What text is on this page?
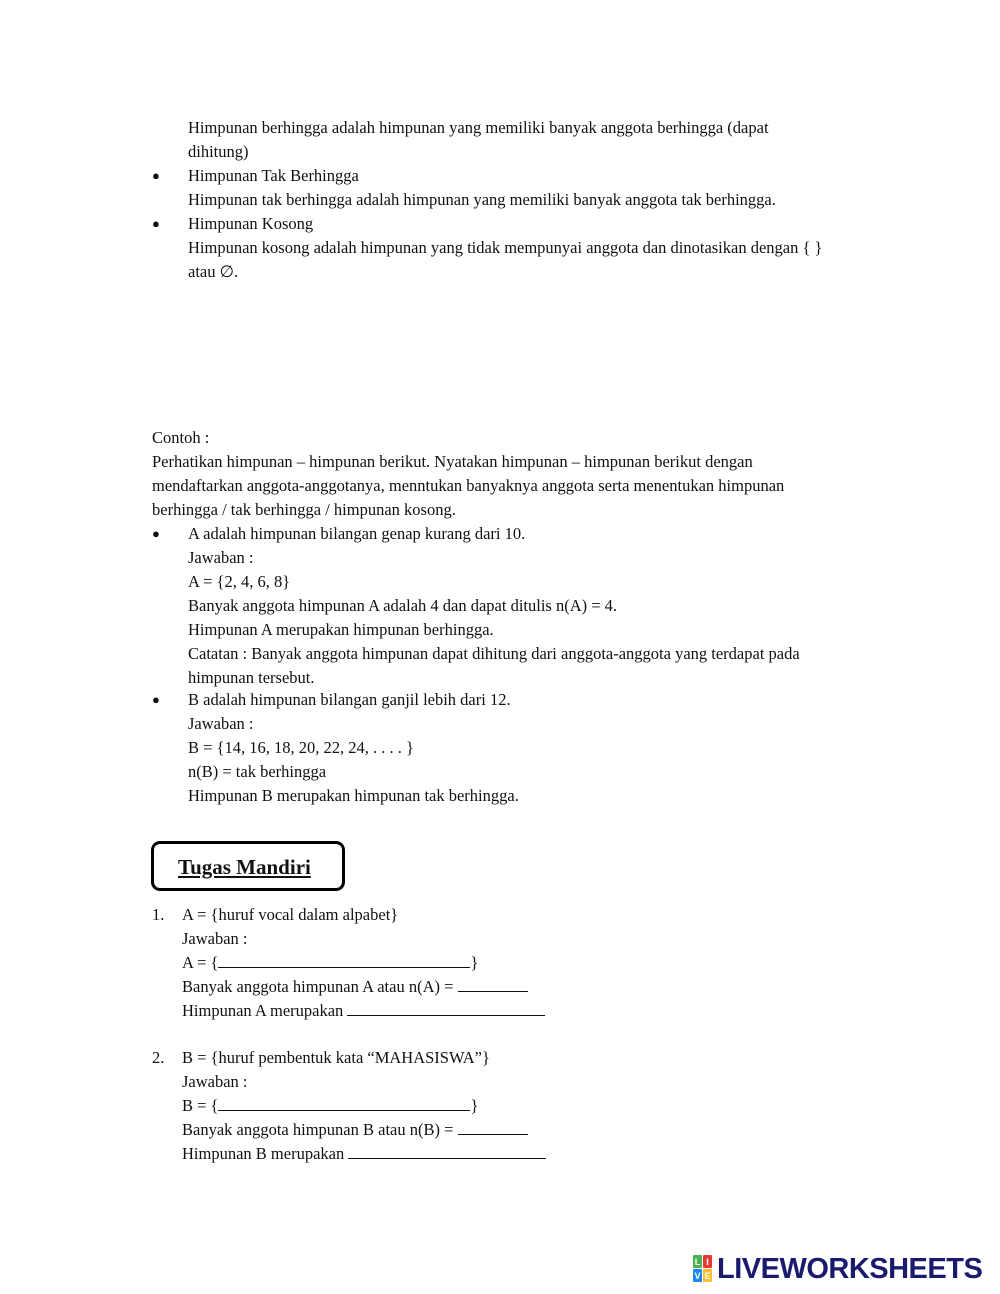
Himpunan berhingga adalah himpunan yang memiliki banyak anggota berhingga (dapat
dihitung)
● Himpunan Tak Berhingga
Himpunan tak berhingga adalah himpunan yang memiliki banyak anggota tak berhingga.
● Himpunan Kosong
Himpunan kosong adalah himpunan yang tidak mempunyai anggota dan dinotasikan dengan { }
atau ∅.
Contoh :
Perhatikan himpunan – himpunan berikut. Nyatakan himpunan – himpunan berikut dengan
mendaftarkan anggota-anggotanya, menntukan banyaknya anggota serta menentukan himpunan
berhingga / tak berhingga / himpunan kosong.
● A adalah himpunan bilangan genap kurang dari 10.
Jawaban :
A = {2, 4, 6, 8}
Banyak anggota himpunan A adalah 4 dan dapat ditulis n(A) = 4.
Himpunan A merupakan himpunan berhingga.
Catatan : Banyak anggota himpunan dapat dihitung dari anggota-anggota yang terdapat pada
himpunan tersebut.
● B adalah himpunan bilangan ganjil lebih dari 12.
Jawaban :
B = {14, 16, 18, 20, 22, 24, . . . . }
n(B) = tak berhingga
Himpunan B merupakan himpunan tak berhingga.
Tugas Mandiri
1. A = {huruf vocal dalam alpabet}
Jawaban :
A = {	}
Banyak anggota himpunan A atau n(A) =
Himpunan A merupakan
2. B = {huruf pembentuk kata “MAHASISWA”}
Jawaban :
B = {	}
Banyak anggota himpunan B atau n(B) =
Himpunan B merupakan
L I
V E LIVEWORKSHEETS
